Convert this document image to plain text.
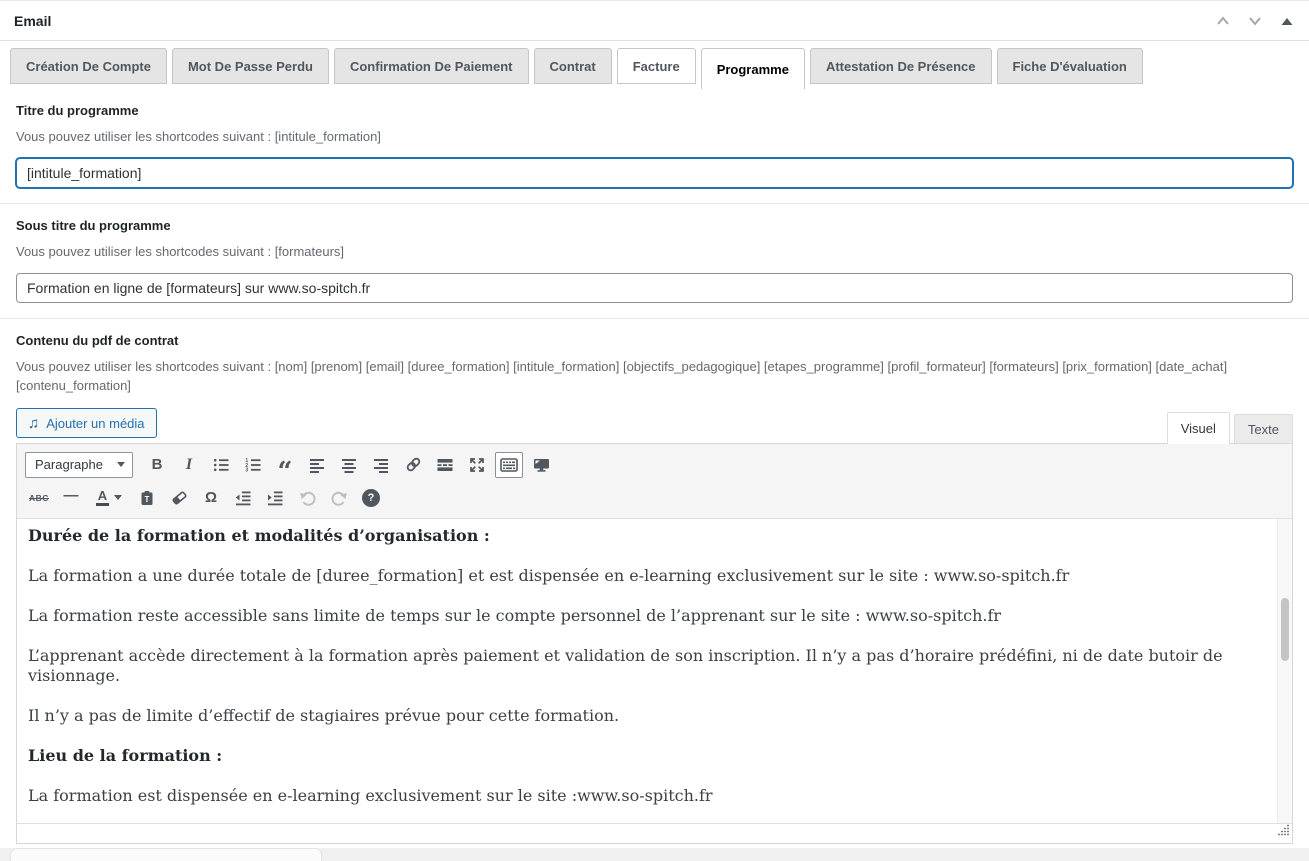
Email
Création De Compte	Mot De Passe Perdu	Confirmation De Paiement	Contrat	Facture	Programme	Attestation De Présence	Fiche D'évaluation
Titre du programme
Vous pouvez utiliser les shortcodes suivant : [intitule_formation]
[intitule_formation]
Sous titre du programme
Vous pouvez utiliser les shortcodes suivant : [formateurs]
Formation en ligne de [formateurs] sur www.so-spitch.fr
Contenu du pdf de contrat
Vous pouvez utiliser les shortcodes suivant : [nom] [prenom] [email] [duree_formation] [intitule_formation] [objectifs_pedagogique] [etapes_programme] [profil_formateur] [formateurs] [prix_formation] [date_achat] [contenu_formation]
♫ Ajouter un média	Visuel	Texte
Paragraphe	B	I	1
2
3 “
ABC —	A	T	Ω	?

Durée de la formation et modalités d’organisation :

La formation a une durée totale de [duree_formation] et est dispensée en e-learning exclusivement sur le site : www.so-spitch.fr

La formation reste accessible sans limite de temps sur le compte personnel de l’apprenant sur le site : www.so-spitch.fr

L’apprenant accède directement à la formation après paiement et validation de son inscription. Il n’y a pas d’horaire prédéfini, ni de date butoir de visionnage.

Il n’y a pas de limite d’effectif de stagiaires prévue pour cette formation.

Lieu de la formation :

La formation est dispensée en e-learning exclusivement sur le site :www.so-spitch.fr
